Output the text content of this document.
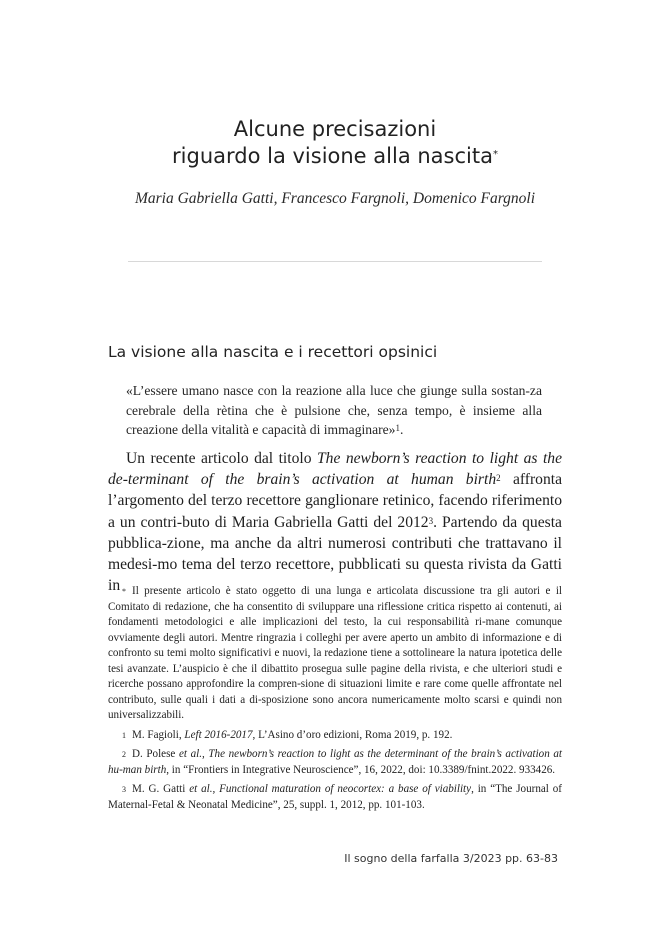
Alcune precisazioni
riguardo la visione alla nascita*
Maria Gabriella Gatti, Francesco Fargnoli, Domenico Fargnoli
La visione alla nascita e i recettori opsinici
«L’essere umano nasce con la reazione alla luce che giunge sulla sostan-za cerebrale della rètina che è pulsione che, senza tempo, è insieme alla creazione della vitalità e capacità di immaginare»$^1$.
Un recente articolo dal titolo The newborn’s reaction to light as the de-terminant of the brain’s activation at human birth$^2$ affronta l’argomento del terzo recettore ganglionare retinico, facendo riferimento a un contri-buto di Maria Gabriella Gatti del 2012$^3$. Partendo da questa pubblica-zione, ma anche da altri numerosi contributi che trattavano il medesi-mo tema del terzo recettore, pubblicati su questa rivista da Gatti in * Il presente articolo è stato oggetto di una lunga e articolata discussione tra gli autori e il Comitato di redazione, che ha consentito di sviluppare una riflessione critica rispetto ai contenuti, ai fondamenti metodologici e alle implicazioni del testo, la cui responsabilità ri-mane comunque ovviamente degli autori. Mentre ringrazia i colleghi per avere aperto un ambito di informazione e di confronto su temi molto significativi e nuovi, la redazione tiene a sottolineare la natura ipotetica delle tesi avanzate. L’auspicio è che il dibattito prosegua sulle pagine della rivista, e che ulteriori studi e ricerche possano approfondire la compren-sione di situazioni limite e rare come quelle affrontate nel contributo, sulle quali i dati a di-sposizione sono ancora numericamente molto scarsi e quindi non universalizzabili.

$^1$ M. Fagioli, Left 2016-2017, L’Asino d’oro edizioni, Roma 2019, p. 192.

$^2$ D. Polese et al., The newborn’s reaction to light as the determinant of the brain’s activation at hu-man birth, in “Frontiers in Integrative Neuroscience”, 16, 2022, doi: 10.3389/fnint.2022. 933426.

$^3$ M. G. Gatti et al., Functional maturation of neocortex: a base of viability, in “The Journal of Maternal-Fetal & Neonatal Medicine”, 25, suppl. 1, 2012, pp. 101-103.

Il sogno della farfalla 3/2023 pp. 63-83
